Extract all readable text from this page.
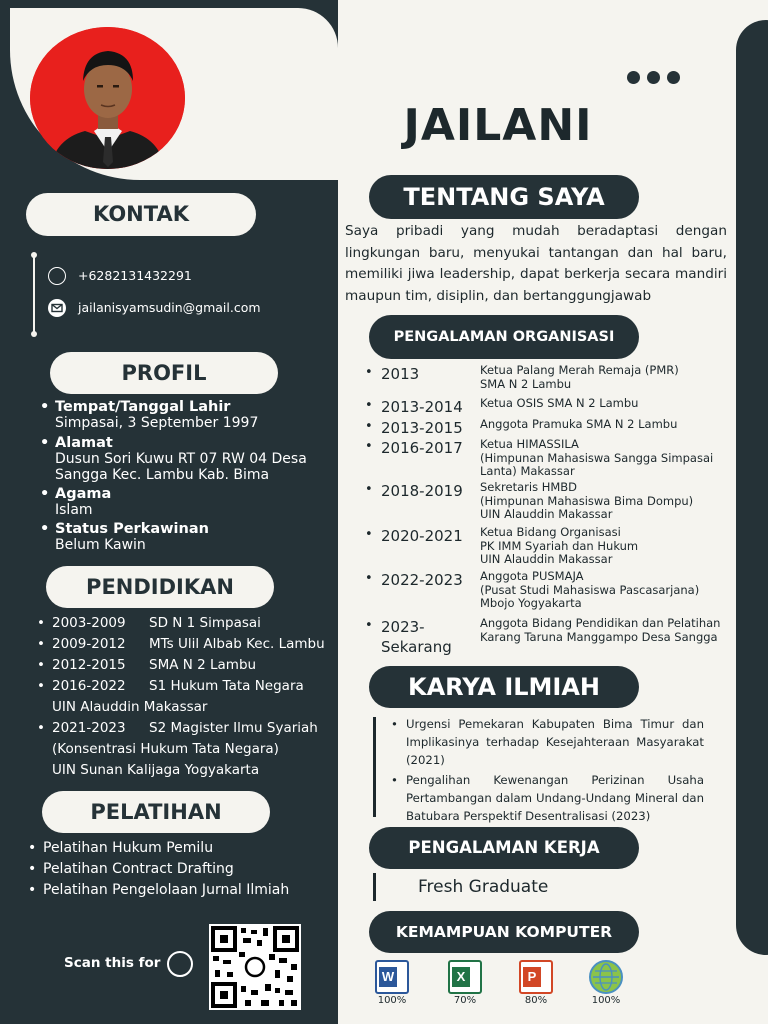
JAILANI
KONTAK
+6282131432291
jailanisyamsudin@gmail.com
PROFIL
• Tempat/Tanggal Lahir
Simpasai, 3 September 1997
• Alamat
Dusun Sori Kuwu RT 07 RW 04 Desa Sangga Kec. Lambu Kab. Bima
• Agama
Islam
• Status Perkawinan
Belum Kawin
PENDIDIKAN
• 2003-2009 SD N 1 Simpasai
• 2009-2012 MTs Ulil Albab Kec. Lambu
• 2012-2015 SMA N 2 Lambu
• 2016-2022 S1 Hukum Tata Negara
UIN Alauddin Makassar
• 2021-2023 S2 Magister Ilmu Syariah
(Konsentrasi Hukum Tata Negara)
UIN Sunan Kalijaga Yogyakarta
PELATIHAN
• Pelatihan Hukum Pemilu
• Pelatihan Contract Drafting
• Pelatihan Pengelolaan Jurnal Ilmiah
Scan this for
TENTANG SAYA
Saya pribadi yang mudah beradaptasi dengan lingkungan baru, menyukai tantangan dan hal baru, memiliki jiwa leadership, dapat berkerja secara mandiri maupun tim, disiplin, dan bertanggungjawab
PENGALAMAN ORGANISASI
• 2013	Ketua Palang Merah Remaja (PMR)
SMA N 2 Lambu
• 2013-2014 Ketua OSIS SMA N 2 Lambu
• 2013-2015 Anggota Pramuka SMA N 2 Lambu
• 2016-2017 Ketua HIMASSILA
(Himpunan Mahasiswa Sangga Simpasai
Lanta) Makassar
• 2018-2019 Sekretaris HMBD
(Himpunan Mahasiswa Bima Dompu)
UIN Alauddin Makassar
• 2020-2021 Ketua Bidang Organisasi
PK IMM Syariah dan Hukum
UIN Alauddin Makassar
• 2022-2023 Anggota PUSMAJA
(Pusat Studi Mahasiswa Pascasarjana)
Mbojo Yogyakarta
• 2023-
Sekarang
Anggota Bidang Pendidikan dan Pelatihan
Karang Taruna Manggampo Desa Sangga
KARYA ILMIAH
• Urgensi Pemekaran Kabupaten Bima Timur dan Implikasinya terhadap Kesejahteraan Masyarakat (2021)
• Pengalihan Kewenangan Perizinan Usaha Pertambangan dalam Undang-Undang Mineral dan Batubara Perspektif Desentralisasi (2023)
PENGALAMAN KERJA
Fresh Graduate
KEMAMPUAN KOMPUTER
W
100%
X
70%
P
80%	100%
